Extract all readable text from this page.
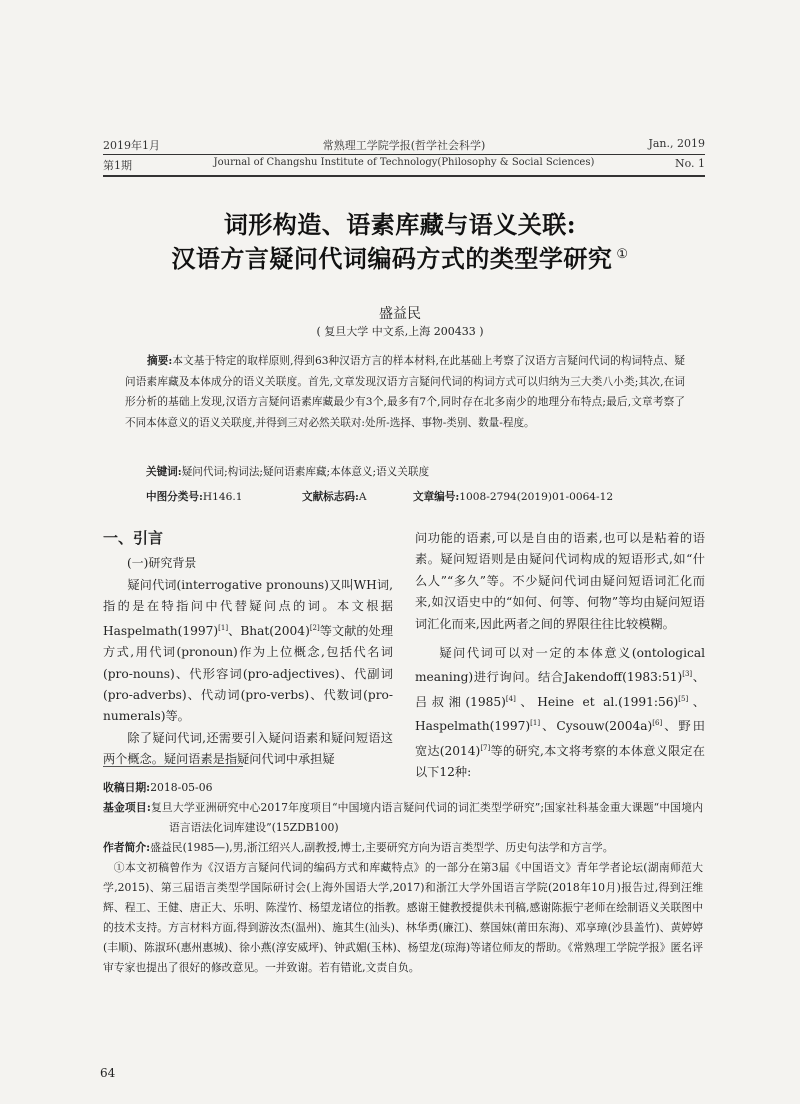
2019年1月	常熟理工学院学报(哲学社会科学)	Jan., 2019
第1期	Journal of Changshu Institute of Technology(Philosophy & Social Sciences)	No. 1
词形构造、语素库藏与语义关联:
汉语方言疑问代词编码方式的类型学研究 ①
盛益民
( 复旦大学 中文系,上海 200433 )
摘要:本文基于特定的取样原则,得到63种汉语方言的样本材料,在此基础上考察了汉语方言疑问代词的构词特点、疑问语素库藏及本体成分的语义关联度。首先,文章发现汉语方言疑问代词的构词方式可以归纳为三大类八小类;其次,在词形分析的基础上发现,汉语方言疑问语素库藏最少有3个,最多有7个,同时存在北多南少的地理分布特点;最后,文章考察了不同本体意义的语义关联度,并得到三对必然关联对:处所-选择、事物-类别、数量-程度。
关键词:疑问代词;构词法;疑问语素库藏;本体意义;语义关联度
中图分类号:H146.1	文献标志码:A	文章编号:1008-2794(2019)01-0064-12
一、引言

(一)研究背景

疑问代词(interrogative pronouns)又叫WH词,指的是在特指问中代替疑问点的词。本文根据Haspelmath(1997)[1]、Bhat(2004)[2]等文献的处理方式,用代词(pronoun)作为上位概念,包括代名词(pro-nouns)、代形容词(pro-adjectives)、代副词(pro-adverbs)、代动词(pro-verbs)、代数词(pro-numerals)等。

除了疑问代词,还需要引入疑问语素和疑问短语这两个概念。疑问语素是指疑问代词中承担疑

问功能的语素,可以是自由的语素,也可以是粘着的语素。疑问短语则是由疑问代词构成的短语形式,如“什么人”“多久”等。不少疑问代词由疑问短语词汇化而来,如汉语史中的“如何、何等、何物”等均由疑问短语词汇化而来,因此两者之间的界限往往比较模糊。

疑问代词可以对一定的本体意义(ontological meaning)进行询问。结合Jakendoff(1983:51)[3]、吕叔湘(1985)[4]、Heine et al.(1991:56)[5]、Haspelmath(1997)[1]、Cysouw(2004a)[6]、野田宽达(2014)[7]等的研究,本文将考察的本体意义限定在以下12种:

收稿日期:2018-05-06
基金项目:复旦大学亚洲研究中心2017年度项目“中国境内语言疑问代词的词汇类型学研究”;国家社科基金重大课题“中国境内语言语法化词库建设”(15ZDB100)
作者简介:盛益民(1985—),男,浙江绍兴人,副教授,博士,主要研究方向为语言类型学、历史句法学和方言学。
①本文初稿曾作为《汉语方言疑问代词的编码方式和库藏特点》的一部分在第3届《中国语文》青年学者论坛(湖南师范大学,2015)、第三届语言类型学国际研讨会(上海外国语大学,2017)和浙江大学外国语言学院(2018年10月)报告过,得到汪维辉、程工、王健、唐正大、乐明、陈滢竹、杨望龙诸位的指教。感谢王健教授提供未刊稿,感谢陈振宁老师在绘制语义关联图中的技术支持。方言材料方面,得到游汝杰(温州)、施其生(汕头)、林华勇(廉江)、蔡国妹(莆田东海)、邓享璋(沙县盖竹)、黄婷婷(丰顺)、陈淑环(惠州惠城)、徐小燕(淳安威坪)、钟武媚(玉林)、杨望龙(琼海)等诸位师友的帮助。《常熟理工学院学报》匿名评审专家也提出了很好的修改意见。一并致谢。若有错讹,文责自负。
64
